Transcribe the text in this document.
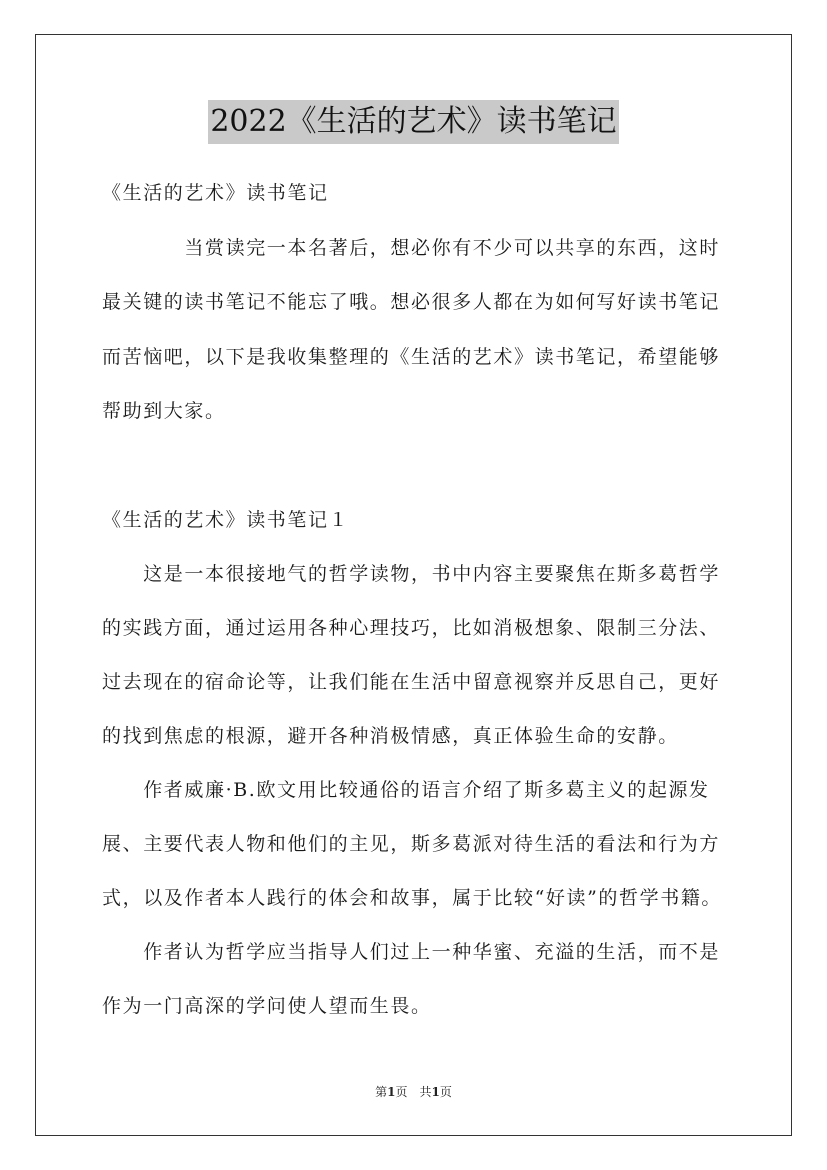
2022《生活的艺术》读书笔记
《生活的艺术》读书笔记
　　　　当赏读完一本名著后，想必你有不少可以共享的东西，这时
最关键的读书笔记不能忘了哦。想必很多人都在为如何写好读书笔记
而苦恼吧，以下是我收集整理的《生活的艺术》读书笔记，希望能够
帮助到大家。
《生活的艺术》读书笔记１
　　这是一本很接地气的哲学读物，书中内容主要聚焦在斯多葛哲学
的实践方面，通过运用各种心理技巧，比如消极想象、限制三分法、
过去现在的宿命论等，让我们能在生活中留意视察并反思自己，更好
的找到焦虑的根源，避开各种消极情感，真正体验生命的安静。
　　作者威廉·B.欧文用比较通俗的语言介绍了斯多葛主义的起源发
展、主要代表人物和他们的主见，斯多葛派对待生活的看法和行为方
式，以及作者本人践行的体会和故事，属于比较“好读”的哲学书籍。
　　作者认为哲学应当指导人们过上一种华蜜、充溢的生活，而不是
作为一门高深的学问使人望而生畏。
第1页　共1页
